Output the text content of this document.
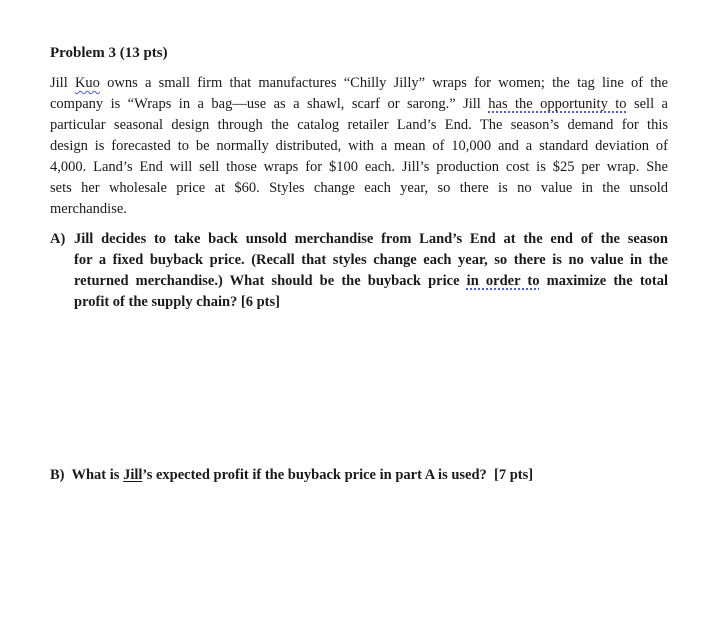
Problem 3 (13 pts)
Jill Kuo owns a small firm that manufactures “Chilly Jilly” wraps for women; the tag line of the
company is “Wraps in a bag—use as a shawl, scarf or sarong.” Jill has the opportunity to sell a
particular seasonal design through the catalog retailer Land’s End. The season’s demand for this
design is forecasted to be normally distributed, with a mean of 10,000 and a standard deviation of
4,000. Land’s End will sell those wraps for $100 each. Jill’s production cost is $25 per wrap. She
sets her wholesale price at $60. Styles change each year, so there is no value in the unsold
merchandise.
A) Jill decides to take back unsold merchandise from Land’s End at the end of the season
for a fixed buyback price. (Recall that styles change each year, so there is no value in the
returned merchandise.) What should be the buyback price in order to maximize the total
profit of the supply chain? [6 pts]
B)  What is Jill’s expected profit if the buyback price in part A is used?  [7 pts]
